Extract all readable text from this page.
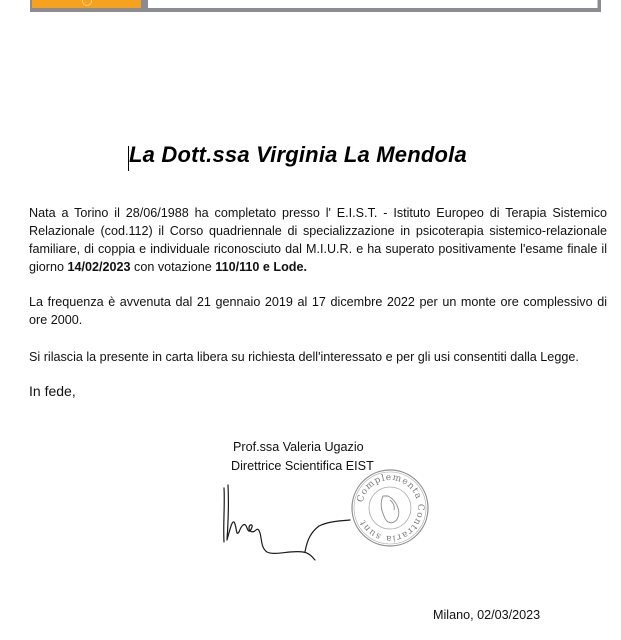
La Dott.ssa Virginia La Mendola
Nata a Torino il 28/06/1988 ha completato presso l' E.I.S.T. - Istituto Europeo di Terapia Sistemico Relazionale (cod.112) il Corso quadriennale di specializzazione in psicoterapia sistemico-relazionale familiare, di coppia e individuale riconosciuto dal M.I.U.R. e ha superato positivamente l'esame finale il giorno 14/02/2023 con votazione 110/110 e Lode.
La frequenza è avvenuta dal 21 gennaio 2019 al 17 dicembre 2022 per un monte ore complessivo di ore 2000.
Si rilascia la presente in carta libera su richiesta dell'interessato e per gli usi consentiti dalla Legge.
In fede,
Prof.ssa Valeria Ugazio
Direttrice Scientifica EIST
Complementa Contraria sunt
Milano, 02/03/2023
